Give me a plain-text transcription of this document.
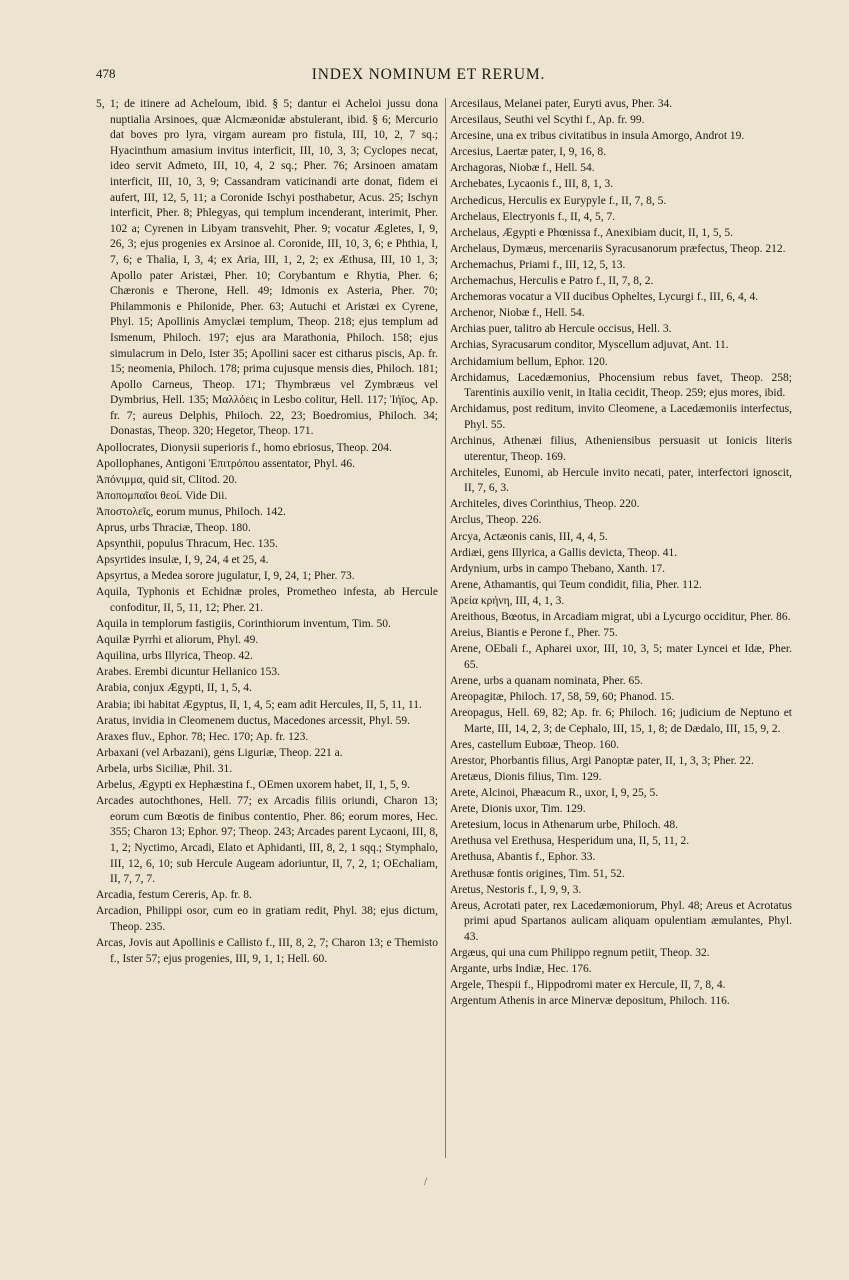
478	INDEX NOMINUM ET RERUM.
5, 1; de itinere ad Acheloum, ibid. § 5; dantur ei Acheloi jussu dona nuptialia Arsinoes, quæ Alcmæonidæ abstulerant, ibid. § 6; Mercurio dat boves pro lyra, virgam auream pro fistula, III, 10, 2, 7 sq.; Hyacinthum amasium invitus interficit, III, 10, 3, 3; Cyclopes necat, ideo servit Admeto, III, 10, 4, 2 sq.; Pher. 76; Arsinoen amatam interficit, III, 10, 3, 9; Cassandram vaticinandi arte donat, fidem ei aufert, III, 12, 5, 11; a Coronide Ischyi posthabetur, Acus. 25; Ischyn interficit, Pher. 8; Phlegyas, qui templum incenderant, interimit, Pher. 102 a; Cyrenen in Libyam transvehit, Pher. 9; vocatur Ægletes, I, 9, 26, 3; ejus progenies ex Arsinoe al. Coronide, III, 10, 3, 6; e Phthia, I, 7, 6; e Thalia, I, 3, 4; ex Aria, III, 1, 2, 2; ex Æthusa, III, 10 1, 3; Apollo pater Aristæi, Pher. 10; Corybantum e Rhytia, Pher. 6; Chæronis e Therone, Hell. 49; Idmonis ex Asteria, Pher. 70; Philammonis e Philonide, Pher. 63; Autuchi et Aristæi ex Cyrene, Phyl. 15; Apollinis Amyclæi templum, Theop. 218; ejus templum ad Ismenum, Philoch. 197; ejus ara Marathonia, Philoch. 158; ejus simulacrum in Delo, Ister 35; Apollini sacer est citharus piscis, Ap. fr. 15; neomenia, Philoch. 178; prima cujusque mensis dies, Philoch. 181; Apollo Carneus, Theop. 171; Thymbræus vel Zymbræus vel Dymbrius, Hell. 135; Μαλλόεις in Lesbo colitur, Hell. 117; Ἰήϊος, Ap. fr. 7; aureus Delphis, Philoch. 22, 23; Boedromius, Philoch. 34; Donastas, Theop. 320; Hegetor, Theop. 171.
Apollocrates, Dionysii superioris f., homo ebriosus, Theop. 204.
Apollophanes, Antigoni Ἐπιτρόπου assentator, Phyl. 46.
Ἀπόνιμμα, quid sit, Clitod. 20.
Ἀποπομπαῖοι θεοί. Vide Dii.
Ἀποστολεῖς, eorum munus, Philoch. 142.
Aprus, urbs Thraciæ, Theop. 180.
Apsynthii, populus Thracum, Hec. 135.
Apsyrtides insulæ, I, 9, 24, 4 et 25, 4.
Apsyrtus, a Medea sorore jugulatur, I, 9, 24, 1; Pher. 73.
Aquila, Typhonis et Echidnæ proles, Prometheo infesta, ab Hercule confoditur, II, 5, 11, 12; Pher. 21.
Aquila in templorum fastigiis, Corinthiorum inventum, Tim. 50.
Aquilæ Pyrrhi et aliorum, Phyl. 49.
Aquilina, urbs Illyrica, Theop. 42.
Arabes. Erembi dicuntur Hellanico 153.
Arabia, conjux Ægypti, II, 1, 5, 4.
Arabia; ibi habitat Ægyptus, II, 1, 4, 5; eam adit Hercules, II, 5, 11, 11.
Aratus, invidia in Cleomenem ductus, Macedones arcessit, Phyl. 59.
Araxes fluv., Ephor. 78; Hec. 170; Ap. fr. 123.
Arbaxani (vel Arbazani), gens Liguriæ, Theop. 221 a.
Arbela, urbs Siciliæ, Phil. 31.
Arbelus, Ægypti ex Hephæstina f., OEmen uxorem habet, II, 1, 5, 9.
Arcades autochthones, Hell. 77; ex Arcadis filiis oriundi, Charon 13; eorum cum Bœotis de finibus contentio, Pher. 86; eorum mores, Hec. 355; Charon 13; Ephor. 97; Theop. 243; Arcades parent Lycaoni, III, 8, 1, 2; Nyctimo, Arcadi, Elato et Aphidanti, III, 8, 2, 1 sqq.; Stymphalo, III, 12, 6, 10; sub Hercule Augeam adoriuntur, II, 7, 2, 1; OEchaliam, II, 7, 7, 7.
Arcadia, festum Cereris, Ap. fr. 8.
Arcadion, Philippi osor, cum eo in gratiam redit, Phyl. 38; ejus dictum, Theop. 235.
Arcas, Jovis aut Apollinis e Callisto f., III, 8, 2, 7; Charon 13; e Themisto f., Ister 57; ejus progenies, III, 9, 1, 1; Hell. 60.
Arcesilaus, Melanei pater, Euryti avus, Pher. 34.
Arcesilaus, Seuthi vel Scythi f., Ap. fr. 99.
Arcesine, una ex tribus civitatibus in insula Amorgo, Androt 19.
Arcesius, Laertæ pater, I, 9, 16, 8.
Archagoras, Niobæ f., Hell. 54.
Archebates, Lycaonis f., III, 8, 1, 3.
Archedicus, Herculis ex Eurypyle f., II, 7, 8, 5.
Archelaus, Electryonis f., II, 4, 5, 7.
Archelaus, Ægypti e Phœnissa f., Anexibiam ducit, II, 1, 5, 5.
Archelaus, Dymæus, mercenariis Syracusanorum præfectus, Theop. 212.
Archemachus, Priami f., III, 12, 5, 13.
Archemachus, Herculis e Patro f., II, 7, 8, 2.
Archemoras vocatur a VII ducibus Opheltes, Lycurgi f., III, 6, 4, 4.
Archenor, Niobæ f., Hell. 54.
Archias puer, talitro ab Hercule occisus, Hell. 3.
Archias, Syracusarum conditor, Myscellum adjuvat, Ant. 11.
Archidamium bellum, Ephor. 120.
Archidamus, Lacedæmonius, Phocensium rebus favet, Theop. 258; Tarentinis auxilio venit, in Italia cecidit, Theop. 259; ejus mores, ibid.
Archidamus, post reditum, invito Cleomene, a Lacedæmoniis interfectus, Phyl. 55.
Archinus, Athenæi filius, Atheniensibus persuasit ut Ionicis literis uterentur, Theop. 169.
Architeles, Eunomi, ab Hercule invito necati, pater, interfectori ignoscit, II, 7, 6, 3.
Architeles, dives Corinthius, Theop. 220.
Arclus, Theop. 226.
Arcya, Actæonis canis, III, 4, 4, 5.
Ardiæi, gens Illyrica, a Gallis devicta, Theop. 41.
Ardynium, urbs in campo Thebano, Xanth. 17.
Arene, Athamantis, qui Teum condidit, filia, Pher. 112.
Ἀρεία κρήνη, III, 4, 1, 3.
Areithous, Bœotus, in Arcadiam migrat, ubi a Lycurgo occiditur, Pher. 86.
Areius, Biantis e Perone f., Pher. 75.
Arene, OEbali f., Apharei uxor, III, 10, 3, 5; mater Lyncei et Idæ, Pher. 65.
Arene, urbs a quanam nominata, Pher. 65.
Areopagitæ, Philoch. 17, 58, 59, 60; Phanod. 15.
Areopagus, Hell. 69, 82; Ap. fr. 6; Philoch. 16; judicium de Neptuno et Marte, III, 14, 2, 3; de Cephalo, III, 15, 1, 8; de Dædalo, III, 15, 9, 2.
Ares, castellum Eubϖæ, Theop. 160.
Arestor, Phorbantis filius, Argi Panoptæ pater, II, 1, 3, 3; Pher. 22.
Aretæus, Dionis filius, Tim. 129.
Arete, Alcinoi, Phæacum R., uxor, I, 9, 25, 5.
Arete, Dionis uxor, Tim. 129.
Aretesium, locus in Athenarum urbe, Philoch. 48.
Arethusa vel Erethusa, Hesperidum una, II, 5, 11, 2.
Arethusa, Abantis f., Ephor. 33.
Arethusæ fontis origines, Tim. 51, 52.
Aretus, Nestoris f., I, 9, 9, 3.
Areus, Acrotati pater, rex Lacedæmoniorum, Phyl. 48; Areus et Acrotatus primi apud Spartanos aulicam aliquam opulentiam æmulantes, Phyl. 43.
Argæus, qui una cum Philippo regnum petiit, Theop. 32.
Argante, urbs Indiæ, Hec. 176.
Argele, Thespii f., Hippodromi mater ex Hercule, II, 7, 8, 4.
Argentum Athenis in arce Minervæ depositum, Philoch. 116.
/
